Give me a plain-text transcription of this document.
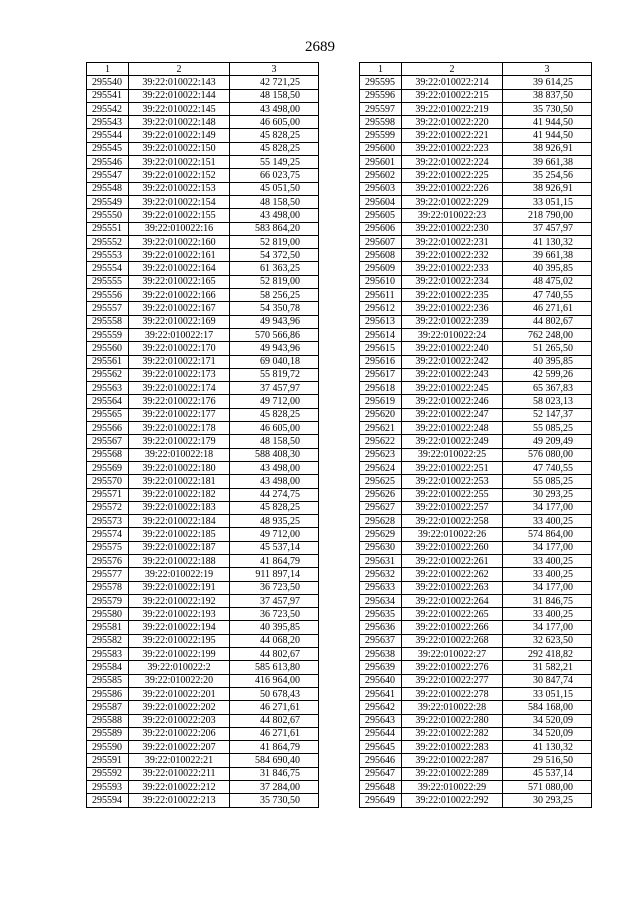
2689
1	2	3
295540	39:22:010022:143	42 721,25
295541	39:22:010022:144	48 158,50
295542	39:22:010022:145	43 498,00
295543	39:22:010022:148	46 605,00
295544	39:22:010022:149	45 828,25
295545	39:22:010022:150	45 828,25
295546	39:22:010022:151	55 149,25
295547	39:22:010022:152	66 023,75
295548	39:22:010022:153	45 051,50
295549	39:22:010022:154	48 158,50
295550	39:22:010022:155	43 498,00
295551	39:22:010022:16	583 864,20
295552	39:22:010022:160	52 819,00
295553	39:22:010022:161	54 372,50
295554	39:22:010022:164	61 363,25
295555	39:22:010022:165	52 819,00
295556	39:22:010022:166	58 256,25
295557	39:22:010022:167	54 350,78
295558	39:22:010022:169	49 943,96
295559	39:22:010022:17	570 566,86
295560	39:22:010022:170	49 943,96
295561	39:22:010022:171	69 040,18
295562	39:22:010022:173	55 819,72
295563	39:22:010022:174	37 457,97
295564	39:22:010022:176	49 712,00
295565	39:22:010022:177	45 828,25
295566	39:22:010022:178	46 605,00
295567	39:22:010022:179	48 158,50
295568	39:22:010022:18	588 408,30
295569	39:22:010022:180	43 498,00
295570	39:22:010022:181	43 498,00
295571	39:22:010022:182	44 274,75
295572	39:22:010022:183	45 828,25
295573	39:22:010022:184	48 935,25
295574	39:22:010022:185	49 712,00
295575	39:22:010022:187	45 537,14
295576	39:22:010022:188	41 864,79
295577	39:22:010022:19	911 897,14
295578	39:22:010022:191	36 723,50
295579	39:22:010022:192	37 457,97
295580	39:22:010022:193	36 723,50
295581	39:22:010022:194	40 395,85
295582	39:22:010022:195	44 068,20
295583	39:22:010022:199	44 802,67
295584	39:22:010022:2	585 613,80
295585	39:22:010022:20	416 964,00
295586	39:22:010022:201	50 678,43
295587	39:22:010022:202	46 271,61
295588	39:22:010022:203	44 802,67
295589	39:22:010022:206	46 271,61
295590	39:22:010022:207	41 864,79
295591	39:22:010022:21	584 690,40
295592	39:22:010022:211	31 846,75
295593	39:22:010022:212	37 284,00
295594	39:22:010022:213	35 730,50
1	2	3
295595	39:22:010022:214	39 614,25
295596	39:22:010022:215	38 837,50
295597	39:22:010022:219	35 730,50
295598	39:22:010022:220	41 944,50
295599	39:22:010022:221	41 944,50
295600	39:22:010022:223	38 926,91
295601	39:22:010022:224	39 661,38
295602	39:22:010022:225	35 254,56
295603	39:22:010022:226	38 926,91
295604	39:22:010022:229	33 051,15
295605	39:22:010022:23	218 790,00
295606	39:22:010022:230	37 457,97
295607	39:22:010022:231	41 130,32
295608	39:22:010022:232	39 661,38
295609	39:22:010022:233	40 395,85
295610	39:22:010022:234	48 475,02
295611	39:22:010022:235	47 740,55
295612	39:22:010022:236	46 271,61
295613	39:22:010022:239	44 802,67
295614	39:22:010022:24	762 248,00
295615	39:22:010022:240	51 265,50
295616	39:22:010022:242	40 395,85
295617	39:22:010022:243	42 599,26
295618	39:22:010022:245	65 367,83
295619	39:22:010022:246	58 023,13
295620	39:22:010022:247	52 147,37
295621	39:22:010022:248	55 085,25
295622	39:22:010022:249	49 209,49
295623	39:22:010022:25	576 080,00
295624	39:22:010022:251	47 740,55
295625	39:22:010022:253	55 085,25
295626	39:22:010022:255	30 293,25
295627	39:22:010022:257	34 177,00
295628	39:22:010022:258	33 400,25
295629	39:22:010022:26	574 864,00
295630	39:22:010022:260	34 177,00
295631	39:22:010022:261	33 400,25
295632	39:22:010022:262	33 400,25
295633	39:22:010022:263	34 177,00
295634	39:22:010022:264	31 846,75
295635	39:22:010022:265	33 400,25
295636	39:22:010022:266	34 177,00
295637	39:22:010022:268	32 623,50
295638	39:22:010022:27	292 418,82
295639	39:22:010022:276	31 582,21
295640	39:22:010022:277	30 847,74
295641	39:22:010022:278	33 051,15
295642	39:22:010022:28	584 168,00
295643	39:22:010022:280	34 520,09
295644	39:22:010022:282	34 520,09
295645	39:22:010022:283	41 130,32
295646	39:22:010022:287	29 516,50
295647	39:22:010022:289	45 537,14
295648	39:22:010022:29	571 080,00
295649	39:22:010022:292	30 293,25
